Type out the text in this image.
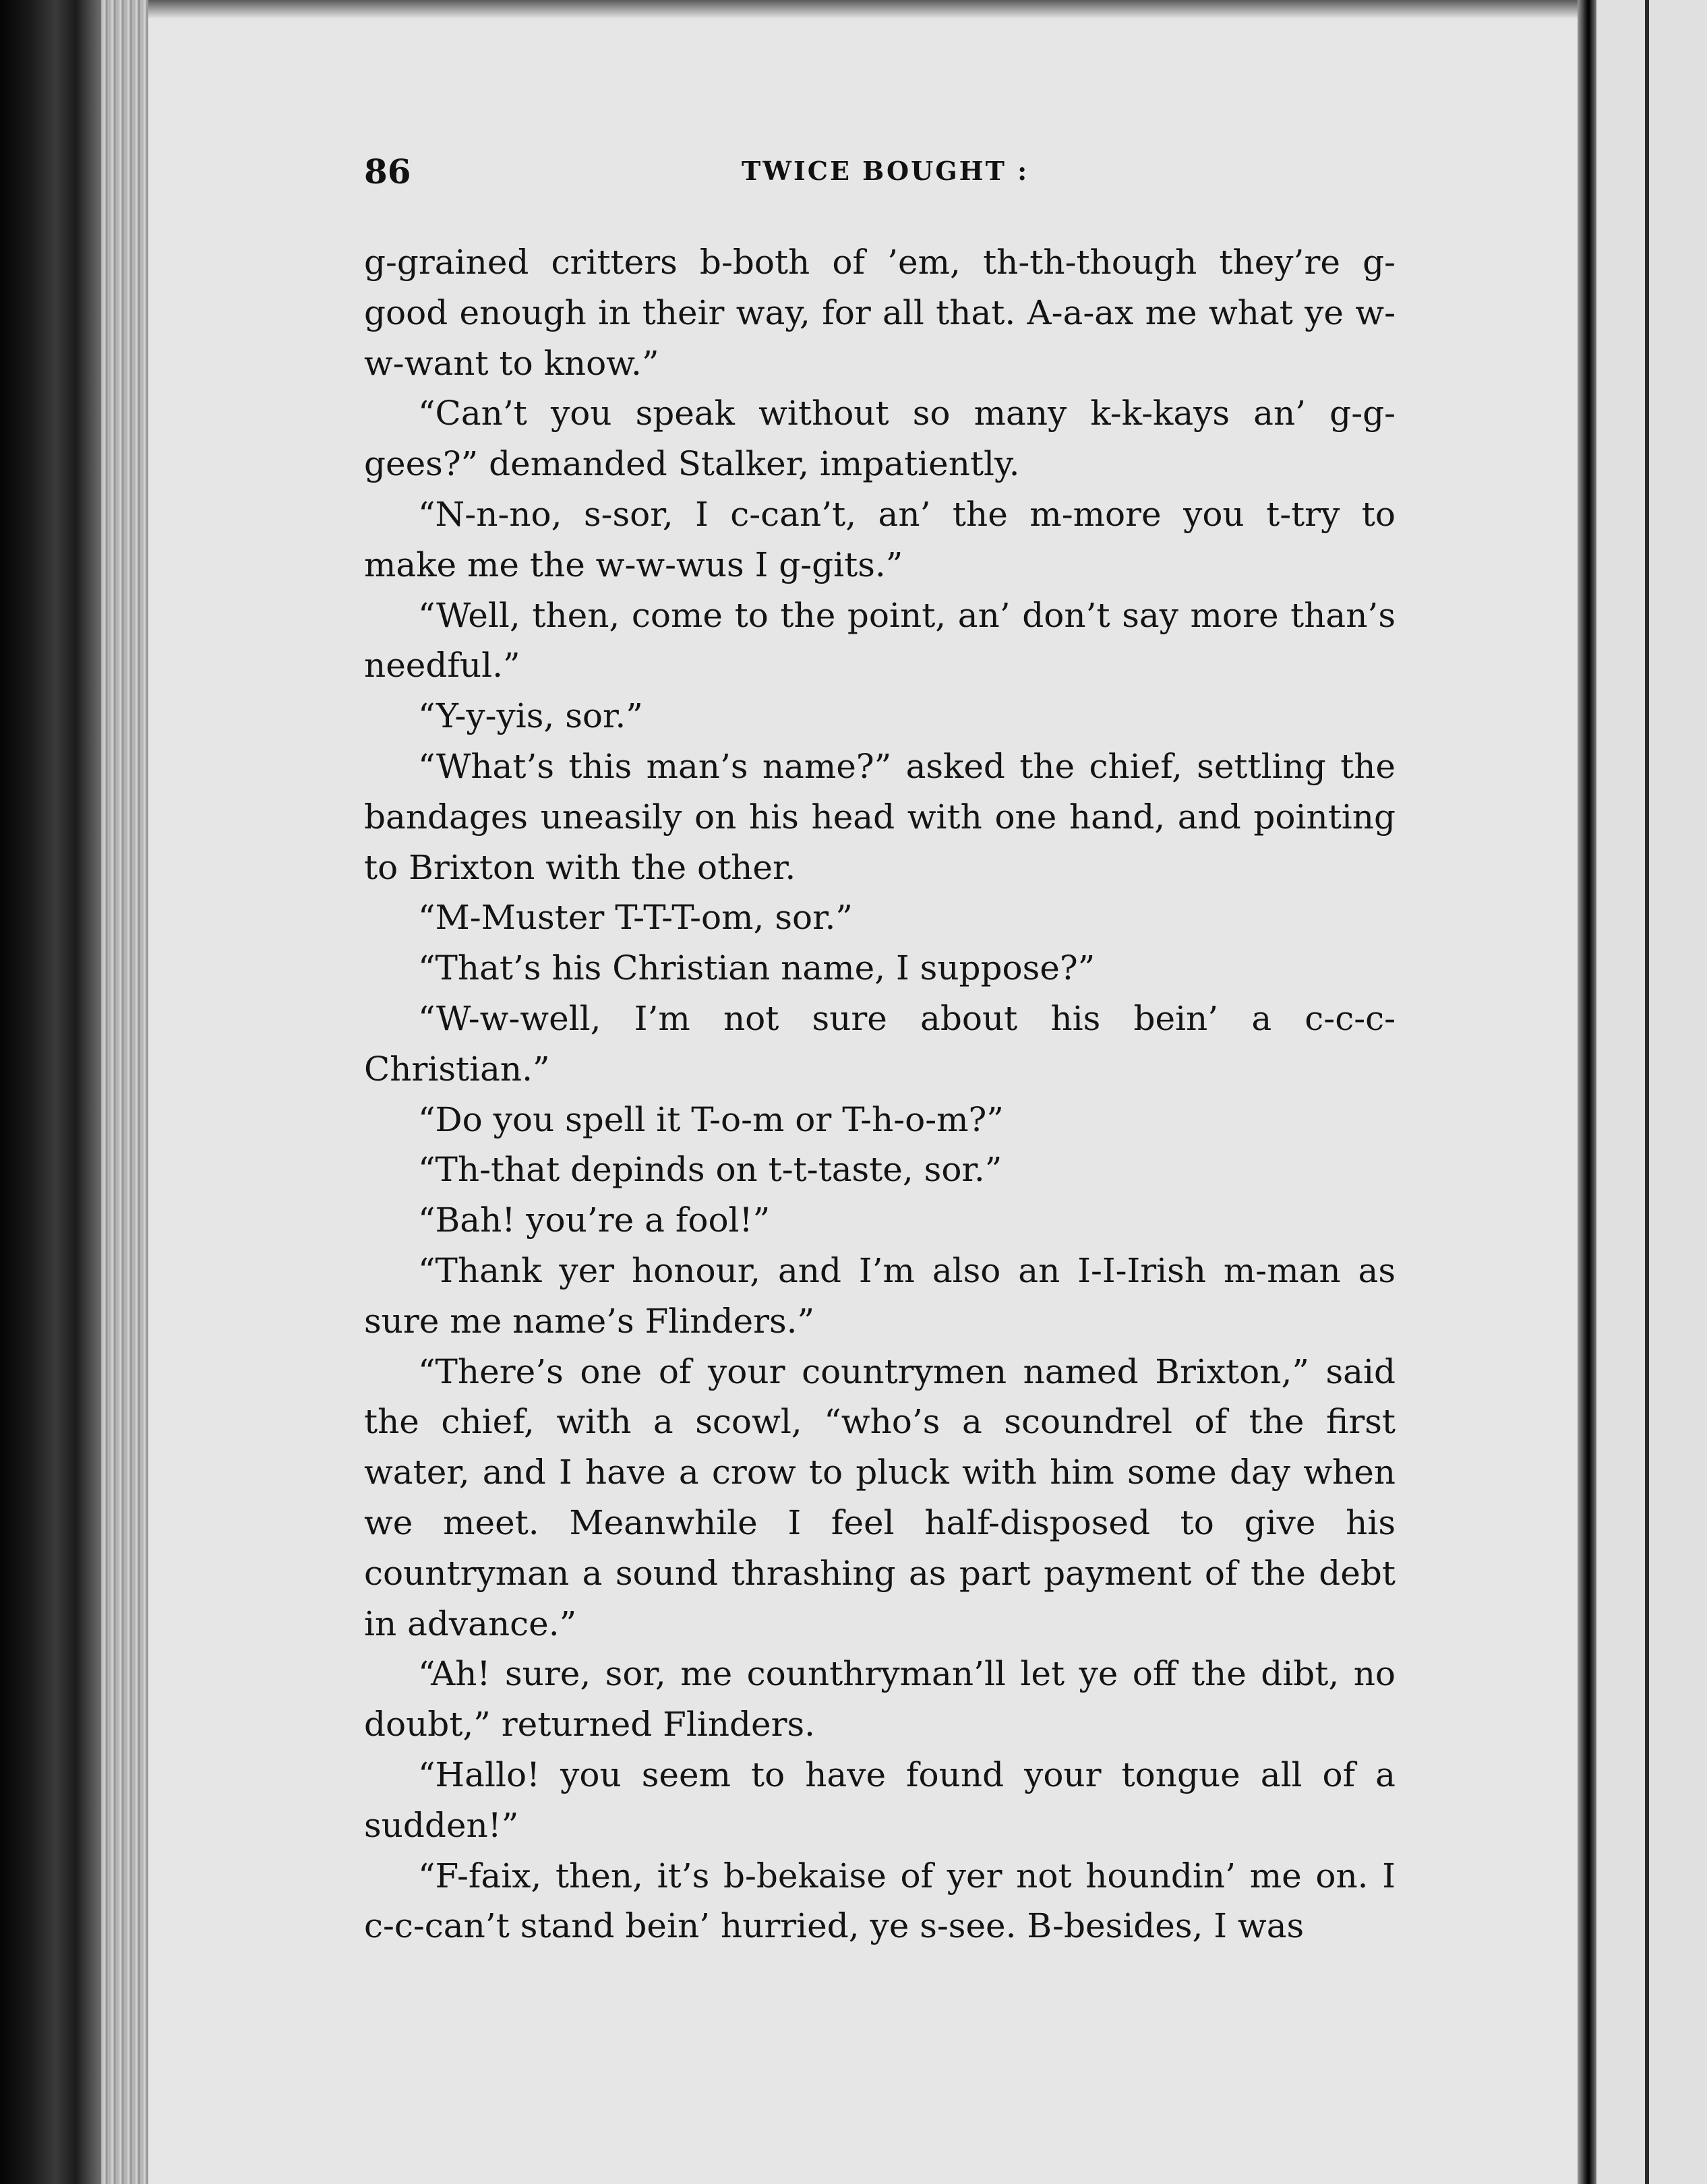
86	TWICE BOUGHT :

g-grained critters b-both of ’em, th-th-though they’re g-good enough in their way, for all that. A-a-ax me what ye w-w-want to know.”

“Can’t you speak without so many k-k-kays an’ g-g-gees?” demanded Stalker, impatiently.

“N-n-no, s-sor, I c-can’t, an’ the m-more you t-try to make me the w-w-wus I g-gits.”

“Well, then, come to the point, an’ don’t say more than’s needful.”

“Y-y-yis, sor.”

“What’s this man’s name?” asked the chief, settling the bandages uneasily on his head with one hand, and pointing to Brixton with the other.

“M-Muster T-T-T-om, sor.”

“That’s his Christian name, I suppose?”

“W-w-well, I’m not sure about his bein’ a c-c-c-Christian.”

“Do you spell it T-o-m or T-h-o-m?”

“Th-that depinds on t-t-taste, sor.”

“Bah! you’re a fool!”

“Thank yer honour, and I’m also an I-I-Irish m-man as sure me name’s Flinders.”

“There’s one of your countrymen named Brixton,” said the chief, with a scowl, “who’s a scoundrel of the first water, and I have a crow to pluck with him some day when we meet. Meanwhile I feel half-disposed to give his countryman a sound thrashing as part payment of the debt in advance.”

“Ah! sure, sor, me counthryman’ll let ye off the dibt, no doubt,” returned Flinders.

“Hallo! you seem to have found your tongue all of a sudden!”

“F-faix, then, it’s b-bekaise of yer not houndin’ me on. I c-c-can’t stand bein’ hurried, ye s-see. B-besides, I was
